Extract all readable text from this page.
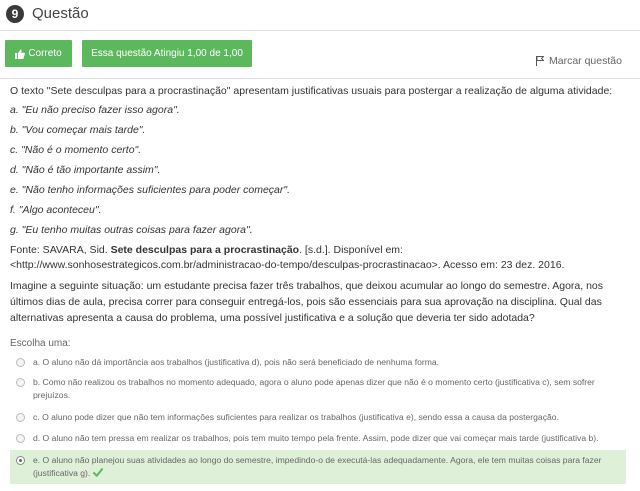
9 Questão
Correto	Essa questão Atingiu 1,00 de 1,00
Marcar questão

O texto "Sete desculpas para a procrastinação" apresentam justificativas usuais para postergar a realização de alguma atividade:

a. "Eu não preciso fazer isso agora".

b. "Vou começar mais tarde".

c. "Não é o momento certo".

d. "Não é tão importante assim".

e. "Não tenho informações suficientes para poder começar".

f. "Algo aconteceu".

g. "Eu tenho muitas outras coisas para fazer agora".

Fonte: SAVARA, Sid. Sete desculpas para a procrastinação. [s.d.]. Disponível em:
<http://www.sonhosestrategicos.com.br/administracao-do-tempo/desculpas-procrastinacao>. Acesso em: 23 dez. 2016.

Imagine a seguinte situação: um estudante precisa fazer três trabalhos, que deixou acumular ao longo do semestre. Agora, nos últimos dias de aula, precisa correr para conseguir entregá-los, pois são essenciais para sua aprovação na disciplina. Qual das alternativas apresenta a causa do problema, uma possível justificativa e a solução que deveria ter sido adotada?

Escolha uma:
a. O aluno não dá importância aos trabalhos (justificativa d), pois não será beneficiado de nenhuma forma.
b. Como não realizou os trabalhos no momento adequado, agora o aluno pode apenas dizer que não é o momento certo (justificativa c), sem sofrer prejuízos.
c. O aluno pode dizer que não tem informações suficientes para realizar os trabalhos (justificativa e), sendo essa a causa da postergação.
d. O aluno não tem pressa em realizar os trabalhos, pois tem muito tempo pela frente. Assim, pode dizer que vai começar mais tarde (justificativa b).
e. O aluno não planejou suas atividades ao longo do semestre, impedindo-o de executá-las adequadamente. Agora, ele tem muitas coisas para fazer (justificativa g).
